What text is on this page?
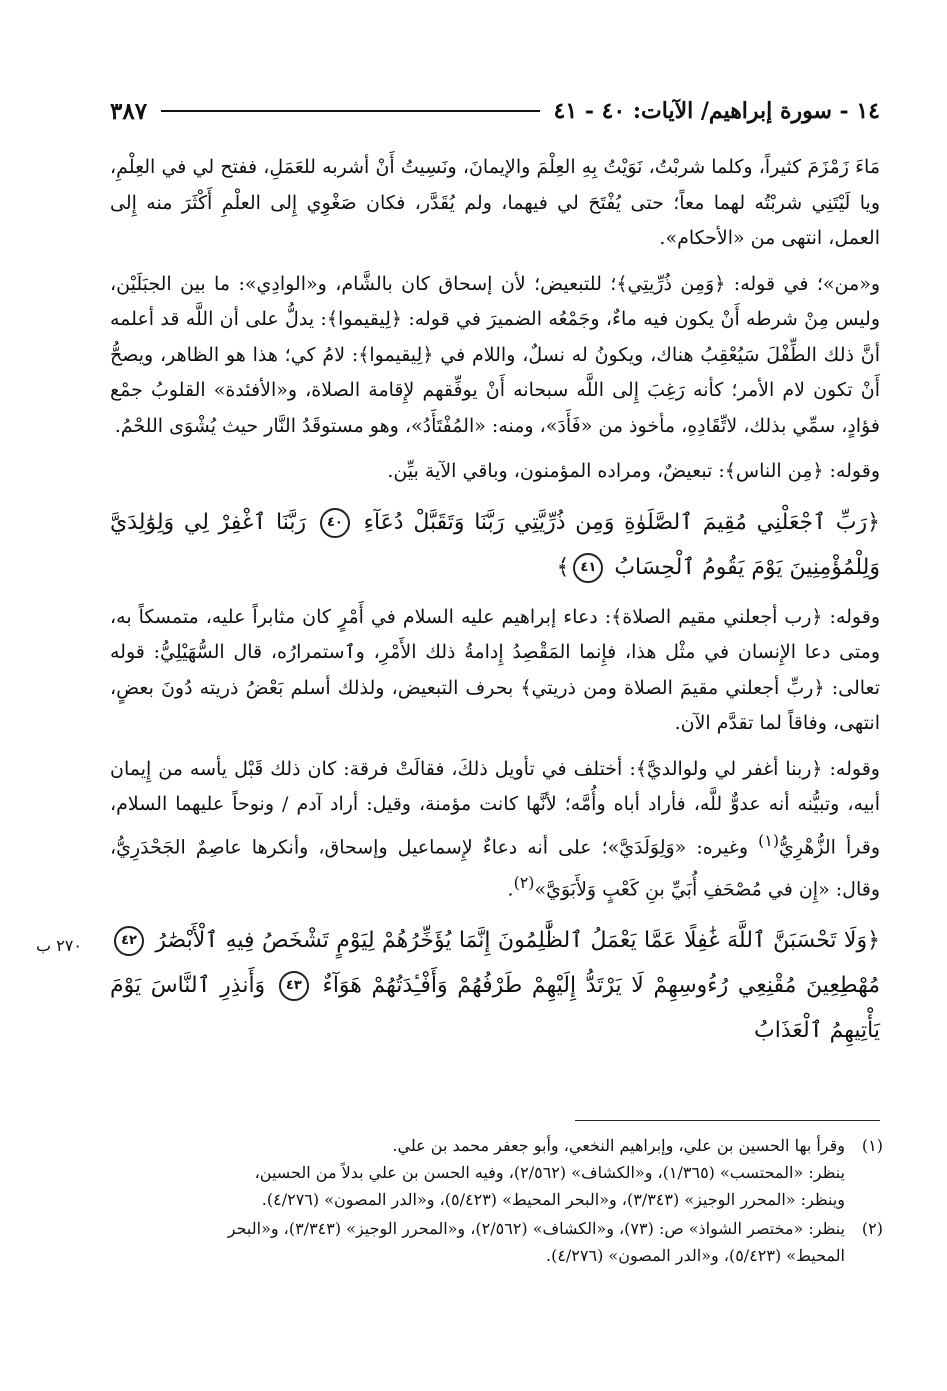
١٤ - سورة إبراهيم/ الآيات: ٤٠ - ٤١
٣٨٧

مَاءَ زَمْزَمَ كثيراً، وكلما شربْتُ، نَوَيْتُ بِهِ العِلْمَ والإيمانَ، ونَسِيتُ أَنْ أشربه للعَمَلِ، ففتح لي في العِلْمِ، ويا لَيْتَنِي شربْتُه لهما معاً؛ حتى يُفْتَحَ لي فيهما، ولم يُقَدَّر، فكان صَغْوِي إِلى العلْمِ أَكْثَرَ منه إِلى العمل، انتهى من «الأحكام».

و«من»؛ في قوله: ﴿وَمِن ذُرِّيتِي﴾؛ للتبعيض؛ لأن إسحاق كان بالشَّام، و«الوادِي»: ما بين الجبَلَيْن، وليس مِنْ شرطه أَنْ يكون فيه ماءٌ، وجَمْعُه الضميرَ في قوله: ﴿لِيقيموا﴾: يدلُّ على أن اللَّه قد أعلمه أنَّ ذلك الطِّفْلَ سَيُعْقِبُ هناك، ويكونُ له نسلٌ، واللام في ﴿لِيقيموا﴾: لامُ كي؛ هذا هو الظاهر، ويصحُّ أَنْ تكون لام الأمر؛ كأنه رَغِبَ إِلى اللَّه سبحانه أَنْ يوفِّقهم لإِقامة الصلاة، و«الأفئدة» القلوبُ جمْع فؤادٍ، سمِّي بذلك، لاتِّقَادِهِ، مأخوذ من «فَأَدَ»، ومنه: «المُفْتَأَدُ»، وهو مستوقَدُ النَّار حيث يُشْوَى اللحْمُ.

وقوله: ﴿مِن الناس﴾: تبعيضٌ، ومراده المؤمنون، وباقي الآية بيِّن.

﴿رَبِّ ٱجْعَلْنِي مُقِيمَ ٱلصَّلَوٰةِ وَمِن ذُرِّيَّتِي رَبَّنَا وَتَقَبَّلْ دُعَآءِ ٤٠ رَبَّنَا ٱغْفِرْ لِي وَلِوَٰلِدَيَّ وَلِلْمُؤْمِنِينَ يَوْمَ يَقُومُ ٱلْحِسَابُ ٤١﴾

وقوله: ﴿رب أجعلني مقيم الصلاة﴾: دعاء إبراهيم عليه السلام في أَمْرٍ كان مثابراً عليه، متمسكاً به، ومتى دعا الإِنسان في مثْل هذا، فإِنما المَقْصِدُ إِدامةُ ذلك الأَمْرِ، وٱستمرارُه، قال السُّهَيْلِيُّ: قوله تعالى: ﴿ربِّ أجعلني مقيمَ الصلاة ومن ذريتي﴾ بحرف التبعيض، ولذلك أسلم بَعْضُ ذريته دُونَ بعضٍ، انتهى، وفاقاً لما تقدَّم الآن.

وقوله: ﴿ربنا أغفر لي ولوالديَّ﴾: أختلف في تأويل ذلكَ، فقالَتْ فرقة: كان ذلك قَبْل يأسه من إِيمان أبيه، وتبيُّنه أنه عدوٌّ للَّه، فأراد أباه وأُمَّه؛ لأنَّها كانت مؤمنة، وقيل: أراد آدم / ونوحاً عليهما السلام، وقرأ الزُّهْرِيُّ$^{(١)}$ وغيره: «وَلِوَلَدَيَّ»؛ على أنه دعاءٌ لإِسماعيل وإسحاق، وأنكرها عاصِمٌ الجَحْدَرِيُّ، وقال: «إِن في مُصْحَفِ أُبَيِّ بنِ كَعْبٍ وَلأَبَوَيَّ»$^{(٢)}$.

﴿وَلَا تَحْسَبَنَّ ٱللَّهَ غَٰفِلًا عَمَّا يَعْمَلُ ٱلظَّٰلِمُونَ إِنَّمَا يُؤَخِّرُهُمْ لِيَوْمٍ تَشْخَصُ فِيهِ ٱلْأَبْصَٰرُ ٤٢ مُهْطِعِينَ مُقْنِعِي رُءُوسِهِمْ لَا يَرْتَدُّ إِلَيْهِمْ طَرْفُهُمْ وَأَفْـِٔدَتُهُمْ هَوَآءٌ ٤٣ وَأَنذِرِ ٱلنَّاسَ يَوْمَ يَأْتِيهِمُ ٱلْعَذَابُ

٢٧٠ ب
(١)
وقرأ بها الحسين بن علي، وإبراهيم النخعي، وأبو جعفر محمد بن علي.
ينظر: «المحتسب» (١/٣٦٥)، و«الكشاف» (٢/٥٦٢)، وفيه الحسن بن علي بدلاً من الحسين،
وينظر: «المحرر الوجيز» (٣/٣٤٣)، و«البحر المحيط» (٥/٤٢٣)، و«الدر المصون» (٤/٢٧٦).
(٢)
ينظر: «مختصر الشواذ» ص: (٧٣)، و«الكشاف» (٢/٥٦٢)، و«المحرر الوجيز» (٣/٣٤٣)، و«البحر
المحيط» (٥/٤٢٣)، و«الدر المصون» (٤/٢٧٦).
